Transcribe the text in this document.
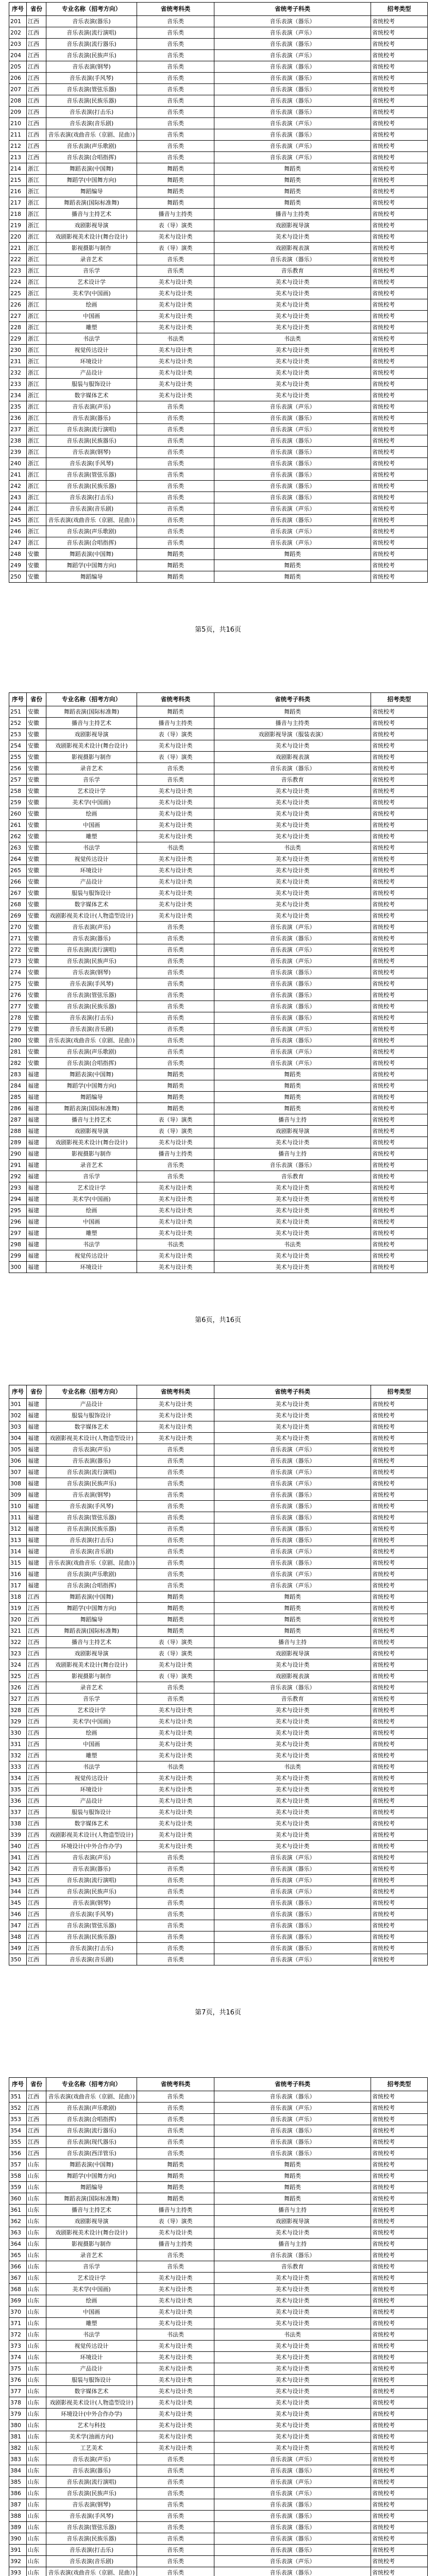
序号	省份	专业名称（招考方向）	省统考科类	省统考子科类	招考类型
201	江西	音乐表演(器乐)	音乐类	音乐表演（器乐）	省统校考
202	江西	音乐表演(流行演唱)	音乐类	音乐表演（声乐）	省统校考
203	江西	音乐表演(流行器乐)	音乐类	音乐表演（器乐）	省统校考
204	江西	音乐表演(民族声乐)	音乐类	音乐表演（声乐）	省统校考
205	江西	音乐表演(钢琴)	音乐类	音乐表演（器乐）	省统校考
206	江西	音乐表演(手风琴)	音乐类	音乐表演（器乐）	省统校考
207	江西	音乐表演(管弦乐器)	音乐类	音乐表演（器乐）	省统校考
208	江西	音乐表演(民族乐器)	音乐类	音乐表演（器乐）	省统校考
209	江西	音乐表演(打击乐)	音乐类	音乐表演（器乐）	省统校考
210	江西	音乐表演(音乐剧)	音乐类	音乐表演（声乐）	省统校考
211	江西	音乐表演(戏曲音乐（京剧、昆曲）)	音乐类	音乐表演（器乐）	省统校考
212	江西	音乐表演(声乐歌剧)	音乐类	音乐表演（声乐）	省统校考
213	江西	音乐表演(合唱指挥)	音乐类	音乐表演（声乐）	省统校考
214	浙江	舞蹈表演(中国舞)	舞蹈类	舞蹈类	省统校考
215	浙江	舞蹈学(中国舞方向)	舞蹈类	舞蹈类	省统校考
216	浙江	舞蹈编导	舞蹈类	舞蹈类	省统校考
217	浙江	舞蹈表演(国际标准舞)	舞蹈类	舞蹈类	省统校考
218	浙江	播音与主持艺术	播音与主持类	播音与主持类	省统校考
219	浙江	戏剧影视导演	表（导）演类	戏剧影视导演	省统校考
220	浙江	戏剧影视美术设计(舞台设计)	美术与设计类	美术与设计类	省统校考
221	浙江	影视摄影与制作	表（导）演类	戏剧影视表演	省统校考
222	浙江	录音艺术	音乐类	音乐表演（器乐）	省统校考
223	浙江	音乐学	音乐类	音乐教育	省统校考
224	浙江	艺术设计学	美术与设计类	美术与设计类	省统校考
225	浙江	美术学(中国画)	美术与设计类	美术与设计类	省统校考
226	浙江	绘画	美术与设计类	美术与设计类	省统校考
227	浙江	中国画	美术与设计类	美术与设计类	省统校考
228	浙江	雕塑	美术与设计类	美术与设计类	省统校考
229	浙江	书法学	书法类	书法类	省统校考
230	浙江	视觉传达设计	美术与设计类	美术与设计类	省统校考
231	浙江	环境设计	美术与设计类	美术与设计类	省统校考
232	浙江	产品设计	美术与设计类	美术与设计类	省统校考
233	浙江	服装与服饰设计	美术与设计类	美术与设计类	省统校考
234	浙江	数字媒体艺术	美术与设计类	美术与设计类	省统校考
235	浙江	音乐表演(声乐)	音乐类	音乐表演（声乐）	省统校考
236	浙江	音乐表演(器乐)	音乐类	音乐表演（器乐）	省统校考
237	浙江	音乐表演(流行演唱)	音乐类	音乐表演（声乐）	省统校考
238	浙江	音乐表演(民族器乐)	音乐类	音乐表演（器乐）	省统校考
239	浙江	音乐表演(钢琴)	音乐类	音乐表演（器乐）	省统校考
240	浙江	音乐表演(手风琴)	音乐类	音乐表演（器乐）	省统校考
241	浙江	音乐表演(管弦乐器)	音乐类	音乐表演（器乐）	省统校考
242	浙江	音乐表演(民族乐器)	音乐类	音乐表演（器乐）	省统校考
243	浙江	音乐表演(打击乐)	音乐类	音乐表演（器乐）	省统校考
244	浙江	音乐表演(音乐剧)	音乐类	音乐表演（声乐）	省统校考
245	浙江	音乐表演(戏曲音乐（京剧、昆曲）)	音乐类	音乐表演（器乐）	省统校考
246	浙江	音乐表演(声乐歌剧)	音乐类	音乐表演（声乐）	省统校考
247	浙江	音乐表演(合唱指挥)	音乐类	音乐表演（声乐）	省统校考
248	安徽	舞蹈表演(中国舞)	舞蹈类	舞蹈类	省统校考
249	安徽	舞蹈学(中国舞方向)	舞蹈类	舞蹈类	省统校考
250	安徽	舞蹈编导	舞蹈类	舞蹈类	省统校考
第5页，共16页
序号	省份	专业名称（招考方向）	省统考科类	省统考子科类	招考类型
251	安徽	舞蹈表演(国际标准舞)	舞蹈类	舞蹈类	省统校考
252	安徽	播音与主持艺术	播音与主持类	播音与主持类	省统校考
253	安徽	戏剧影视导演	表（导）演类	戏剧影视导演（服装表演）	省统校考
254	安徽	戏剧影视美术设计(舞台设计)	美术与设计类	美术与设计类	省统校考
255	安徽	影视摄影与制作	表（导）演类	戏剧影视表演	省统校考
256	安徽	录音艺术	音乐类	音乐表演（器乐）	省统校考
257	安徽	音乐学	音乐类	音乐教育	省统校考
258	安徽	艺术设计学	美术与设计类	美术与设计类	省统校考
259	安徽	美术学(中国画)	美术与设计类	美术与设计类	省统校考
260	安徽	绘画	美术与设计类	美术与设计类	省统校考
261	安徽	中国画	美术与设计类	美术与设计类	省统校考
262	安徽	雕塑	美术与设计类	美术与设计类	省统校考
263	安徽	书法学	书法类	书法类	省统校考
264	安徽	视觉传达设计	美术与设计类	美术与设计类	省统校考
265	安徽	环境设计	美术与设计类	美术与设计类	省统校考
266	安徽	产品设计	美术与设计类	美术与设计类	省统校考
267	安徽	服装与服饰设计	美术与设计类	美术与设计类	省统校考
268	安徽	数字媒体艺术	美术与设计类	美术与设计类	省统校考
269	安徽	戏剧影视美术设计(人物造型设计)	美术与设计类	美术与设计类	省统校考
270	安徽	音乐表演(声乐)	音乐类	音乐表演（声乐）	省统校考
271	安徽	音乐表演(器乐)	音乐类	音乐表演（器乐）	省统校考
272	安徽	音乐表演(流行演唱)	音乐类	音乐表演（声乐）	省统校考
273	安徽	音乐表演(民族声乐)	音乐类	音乐表演（声乐）	省统校考
274	安徽	音乐表演(钢琴)	音乐类	音乐表演（器乐）	省统校考
275	安徽	音乐表演(手风琴)	音乐类	音乐表演（器乐）	省统校考
276	安徽	音乐表演(管弦乐器)	音乐类	音乐表演（器乐）	省统校考
277	安徽	音乐表演(民族乐器)	音乐类	音乐表演（器乐）	省统校考
278	安徽	音乐表演(打击乐)	音乐类	音乐表演（器乐）	省统校考
279	安徽	音乐表演(音乐剧)	音乐类	音乐表演（声乐）	省统校考
280	安徽	音乐表演(戏曲音乐（京剧、昆曲）)	音乐类	音乐表演（器乐）	省统校考
281	安徽	音乐表演(声乐歌剧)	音乐类	音乐表演（声乐）	省统校考
282	安徽	音乐表演(合唱指挥)	音乐类	音乐表演（声乐）	省统校考
283	福建	舞蹈表演(中国舞)	舞蹈类	舞蹈类	省统校考
284	福建	舞蹈学(中国舞方向)	舞蹈类	舞蹈类	省统校考
285	福建	舞蹈编导	舞蹈类	舞蹈类	省统校考
286	福建	舞蹈表演(国际标准舞)	舞蹈类	舞蹈类	省统校考
287	福建	播音与主持艺术	表（导）演类	播音与主持	省统校考
288	福建	戏剧影视导演	表（导）演类	戏剧影视导演	省统校考
289	福建	戏剧影视美术设计(舞台设计)	美术与设计类	美术与设计类	省统校考
290	福建	影视摄影与制作	播音与主持类	播音与主持	省统校考
291	福建	录音艺术	音乐类	音乐表演（器乐）	省统校考
292	福建	音乐学	音乐类	音乐教育	省统校考
293	福建	艺术设计学	美术与设计类	美术与设计类	省统校考
294	福建	美术学(中国画)	美术与设计类	美术与设计类	省统校考
295	福建	绘画	美术与设计类	美术与设计类	省统校考
296	福建	中国画	美术与设计类	美术与设计类	省统校考
297	福建	雕塑	美术与设计类	美术与设计类	省统校考
298	福建	书法学	书法类	书法类	省统校考
299	福建	视觉传达设计	美术与设计类	美术与设计类	省统校考
300	福建	环境设计	美术与设计类	美术与设计类	省统校考
第6页，共16页
序号	省份	专业名称（招考方向）	省统考科类	省统考子科类	招考类型
301	福建	产品设计	美术与设计类	美术与设计类	省统校考
302	福建	服装与服饰设计	美术与设计类	美术与设计类	省统校考
303	福建	数字媒体艺术	美术与设计类	美术与设计类	省统校考
304	福建	戏剧影视美术设计(人物造型设计)	美术与设计类	美术与设计类	省统校考
305	福建	音乐表演(声乐)	音乐类	音乐表演（声乐）	省统校考
306	福建	音乐表演(器乐)	音乐类	音乐表演（器乐）	省统校考
307	福建	音乐表演(流行演唱)	音乐类	音乐表演（声乐）	省统校考
308	福建	音乐表演(民族声乐)	音乐类	音乐表演（声乐）	省统校考
309	福建	音乐表演(钢琴)	音乐类	音乐表演（器乐）	省统校考
310	福建	音乐表演(手风琴)	音乐类	音乐表演（器乐）	省统校考
311	福建	音乐表演(管弦乐器)	音乐类	音乐表演（器乐）	省统校考
312	福建	音乐表演(民族乐器)	音乐类	音乐表演（器乐）	省统校考
313	福建	音乐表演(打击乐)	音乐类	音乐表演（器乐）	省统校考
314	福建	音乐表演(音乐剧)	音乐类	音乐表演（声乐）	省统校考
315	福建	音乐表演(戏曲音乐（京剧、昆曲）)	音乐类	音乐表演（器乐）	省统校考
316	福建	音乐表演(声乐歌剧)	音乐类	音乐表演（声乐）	省统校考
317	福建	音乐表演(合唱指挥)	音乐类	音乐表演（声乐）	省统校考
318	江西	舞蹈表演(中国舞)	舞蹈类	舞蹈类	省统校考
319	江西	舞蹈学(中国舞方向)	舞蹈类	舞蹈类	省统校考
320	江西	舞蹈编导	舞蹈类	舞蹈类	省统校考
321	江西	舞蹈表演(国际标准舞)	舞蹈类	舞蹈类	省统校考
322	江西	播音与主持艺术	表（导）演类	播音与主持	省统校考
323	江西	戏剧影视导演	表（导）演类	戏剧影视导演	省统校考
324	江西	戏剧影视美术设计(舞台设计)	美术与设计类	美术与设计类	省统校考
325	江西	影视摄影与制作	表（导）演类	戏剧影视表演	省统校考
326	江西	录音艺术	音乐类	音乐表演（器乐）	省统校考
327	江西	音乐学	音乐类	音乐教育	省统校考
328	江西	艺术设计学	美术与设计类	美术与设计类	省统校考
329	江西	美术学(中国画)	美术与设计类	美术与设计类	省统校考
330	江西	绘画	美术与设计类	美术与设计类	省统校考
331	江西	中国画	美术与设计类	美术与设计类	省统校考
332	江西	雕塑	美术与设计类	美术与设计类	省统校考
333	江西	书法学	书法类	书法类	省统校考
334	江西	视觉传达设计	美术与设计类	美术与设计类	省统校考
335	江西	环境设计	美术与设计类	美术与设计类	省统校考
336	江西	产品设计	美术与设计类	美术与设计类	省统校考
337	江西	服装与服饰设计	美术与设计类	美术与设计类	省统校考
338	江西	数字媒体艺术	美术与设计类	美术与设计类	省统校考
339	江西	戏剧影视美术设计(人物造型设计)	美术与设计类	美术与设计类	省统校考
340	江西	环境设计(中外合作办学)	美术与设计类	美术与设计类	省统校考
341	江西	音乐表演(声乐)	音乐类	音乐表演（声乐）	省统校考
342	江西	音乐表演(器乐)	音乐类	音乐表演（器乐）	省统校考
343	江西	音乐表演(流行演唱)	音乐类	音乐表演（声乐）	省统校考
344	江西	音乐表演(民族声乐)	音乐类	音乐表演（声乐）	省统校考
345	江西	音乐表演(钢琴)	音乐类	音乐表演（器乐）	省统校考
346	江西	音乐表演(手风琴)	音乐类	音乐表演（器乐）	省统校考
347	江西	音乐表演(管弦乐器)	音乐类	音乐表演（器乐）	省统校考
348	江西	音乐表演(民族乐器)	音乐类	音乐表演（器乐）	省统校考
349	江西	音乐表演(打击乐)	音乐类	音乐表演（器乐）	省统校考
350	江西	音乐表演(音乐剧)	音乐类	音乐表演（声乐）	省统校考
第7页，共16页
序号	省份	专业名称（招考方向）	省统考科类	省统考子科类	招考类型
351	江西	音乐表演(戏曲音乐（京剧、昆曲）)	音乐类	音乐表演（器乐）	省统校考
352	江西	音乐表演(声乐歌剧)	音乐类	音乐表演（声乐）	省统校考
353	江西	音乐表演(合唱指挥)	音乐类	音乐表演（声乐）	省统校考
354	江西	音乐表演(流行器乐)	音乐类	音乐表演（器乐）	省统校考
355	江西	音乐表演(现代器乐)	音乐类	音乐表演（器乐）	省统校考
356	江西	音乐表演(西洋管乐)	音乐类	音乐表演（器乐）	省统校考
357	山东	舞蹈表演(中国舞)	舞蹈类	舞蹈类	省统校考
358	山东	舞蹈学(中国舞方向)	舞蹈类	舞蹈类	省统校考
359	山东	舞蹈编导	舞蹈类	舞蹈类	省统校考
360	山东	舞蹈表演(国际标准舞)	舞蹈类	舞蹈类	省统校考
361	山东	播音与主持艺术	播音与主持类	播音与主持	省统校考
362	山东	戏剧影视导演	表（导）演类	戏剧影视导演	省统校考
363	山东	戏剧影视美术设计(舞台设计)	美术与设计类	美术与设计类	省统校考
364	山东	影视摄影与制作	播音与主持类	播音与主持	省统校考
365	山东	录音艺术	音乐类	音乐表演（器乐）	省统校考
366	山东	音乐学	音乐类	音乐教育	省统校考
367	山东	艺术设计学	美术与设计类	美术与设计类	省统校考
368	山东	美术学(中国画)	美术与设计类	美术与设计类	省统校考
369	山东	绘画	美术与设计类	美术与设计类	省统校考
370	山东	中国画	美术与设计类	美术与设计类	省统校考
371	山东	雕塑	美术与设计类	美术与设计类	省统校考
372	山东	书法学	书法类	书法类	省统校考
373	山东	视觉传达设计	美术与设计类	美术与设计类	省统校考
374	山东	环境设计	美术与设计类	美术与设计类	省统校考
375	山东	产品设计	美术与设计类	美术与设计类	省统校考
376	山东	服装与服饰设计	美术与设计类	美术与设计类	省统校考
377	山东	数字媒体艺术	美术与设计类	美术与设计类	省统校考
378	山东	戏剧影视美术设计(人物造型设计)	美术与设计类	美术与设计类	省统校考
379	山东	环境设计(中外合作办学)	美术与设计类	美术与设计类	省统校考
380	山东	艺术与科技	美术与设计类	美术与设计类	省统校考
381	山东	美术学(油画方向)	美术与设计类	美术与设计类	省统校考
382	山东	工艺美术	美术与设计类	美术与设计类	省统校考
383	山东	音乐表演(声乐)	音乐类	音乐表演（声乐）	省统校考
384	山东	音乐表演(器乐)	音乐类	音乐表演（器乐）	省统校考
385	山东	音乐表演(流行演唱)	音乐类	音乐表演（声乐）	省统校考
386	山东	音乐表演(民族声乐)	音乐类	音乐表演（声乐）	省统校考
387	山东	音乐表演(钢琴)	音乐类	音乐表演（器乐）	省统校考
388	山东	音乐表演(手风琴)	音乐类	音乐表演（器乐）	省统校考
389	山东	音乐表演(管弦乐器)	音乐类	音乐表演（器乐）	省统校考
390	山东	音乐表演(民族乐器)	音乐类	音乐表演（器乐）	省统校考
391	山东	音乐表演(打击乐)	音乐类	音乐表演（器乐）	省统校考
392	山东	音乐表演(音乐剧)	音乐类	音乐表演（声乐）	省统校考
393	山东	音乐表演(戏曲音乐（京剧、昆曲）)	音乐类	音乐表演（器乐）	省统校考
